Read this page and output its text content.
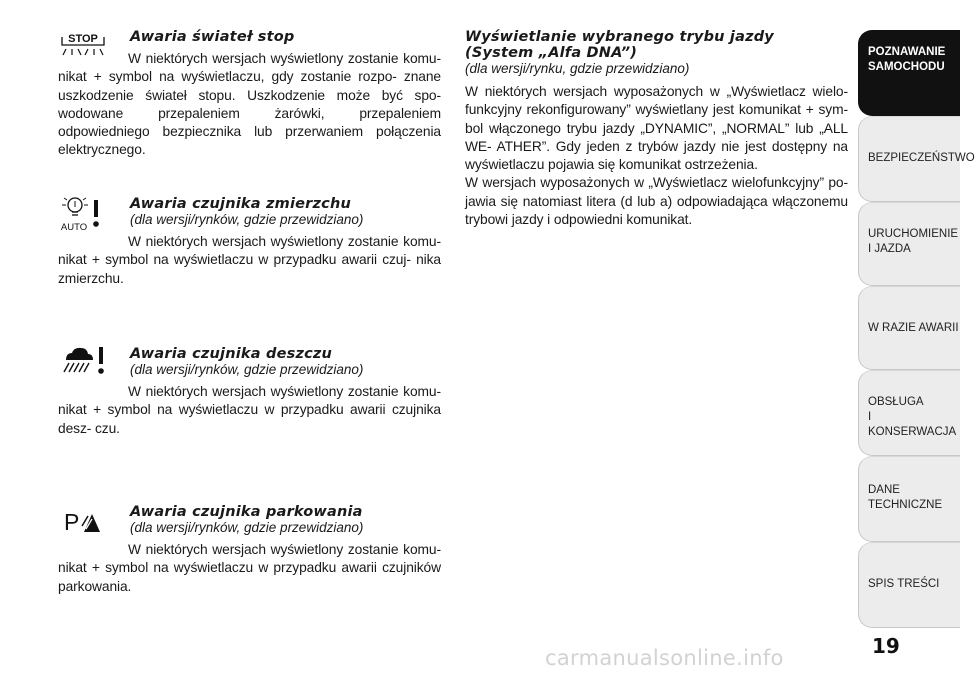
STOP Awaria świateł stop

W niektórych wersjach wyświetlony zostanie komu- nikat + symbol na wyświetlaczu, gdy zostanie rozpo- znane uszkodzenie świateł stopu. Uszkodzenie może być spo- wodowane przepaleniem żarówki, przepaleniem odpowiedniego bezpiecznika lub przerwaniem połączenia elektrycznego.

AUTO
Awaria czujnika zmierzchu
(dla wersji/rynków, gdzie przewidziano)

W niektórych wersjach wyświetlony zostanie komu- nikat + symbol na wyświetlaczu w przypadku awarii czuj- nika zmierzchu.

Awaria czujnika deszczu
(dla wersji/rynków, gdzie przewidziano)

W niektórych wersjach wyświetlony zostanie komu- nikat + symbol na wyświetlaczu w przypadku awarii czujnika desz- czu.

P	Awaria czujnika parkowania
(dla wersji/rynków, gdzie przewidziano)

W niektórych wersjach wyświetlony zostanie komu- nikat + symbol na wyświetlaczu w przypadku awarii czujników parkowania.

Wyświetlanie wybranego trybu jazdy
(System „Alfa DNA”)
(dla wersji/rynku, gdzie przewidziano)

W niektórych wersjach wyposażonych w „Wyświetlacz wielo- funkcyjny rekonfigurowany” wyświetlany jest komunikat + sym- bol włączonego trybu jazdy „DYNAMIC”, „NORMAL” lub „ALL WE- ATHER”. Gdy jeden z trybów jazdy nie jest dostępny na wyświetlaczu pojawia się komunikat ostrzeżenia.

W wersjach wyposażonych w „Wyświetlacz wielofunkcyjny” po- jawia się natomiast litera (d lub a) odpowiadająca włączonemu trybowi jazdy i odpowiedni komunikat.

POZNAWANIE
SAMOCHODU
BEZPIECZEŃSTWO
URUCHOMIENIE
I JAZDA
W RAZIE AWARII
OBSŁUGA
I KONSERWACJA
DANE
TECHNICZNE
SPIS TREŚCI
19
carmanualsonline.info
